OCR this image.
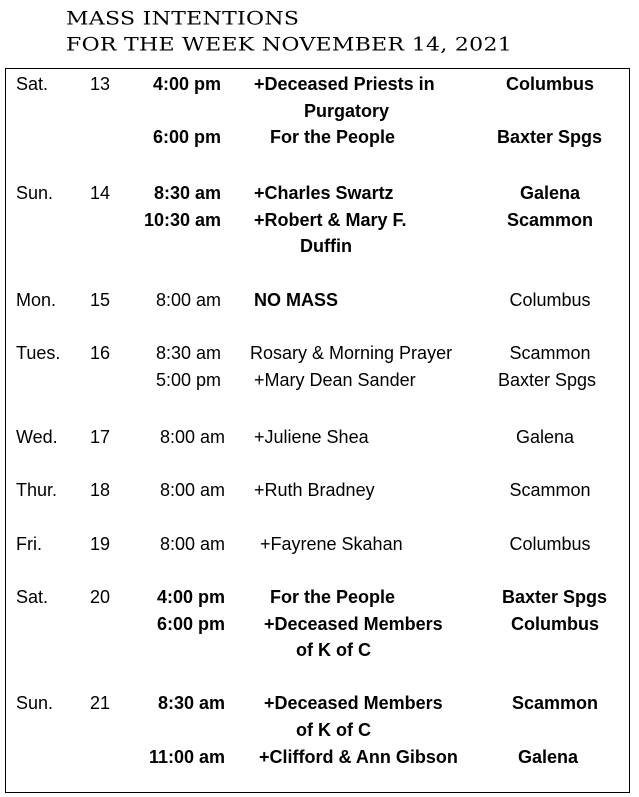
MASS INTENTIONS
FOR THE WEEK NOVEMBER 14, 2021
Sat. 13 4:00 pm +Deceased Priests in	Columbus
Purgatory
6:00 pm	For the People	Baxter Spgs
Sun. 14 8:30 am +Charles Swartz	Galena
10:30 am +Robert & Mary F.	Scammon
Duffin
Mon. 15	8:00 am NO MASS	Columbus
Tues. 16	8:30 am Rosary & Morning Prayer	Scammon
5:00 pm +Mary Dean Sander	Baxter Spgs
Wed. 17	8:00 am +Juliene Shea	Galena
Thur. 18	8:00 am +Ruth Bradney	Scammon
Fri.	19	8:00 am +Fayrene Skahan	Columbus
Sat. 20	4:00 pm	For the People	Baxter Spgs
6:00 pm +Deceased Members	Columbus
of K of C
Sun. 21	8:30 am +Deceased Members	Scammon
of K of C
11:00 am +Clifford & Ann Gibson	Galena
